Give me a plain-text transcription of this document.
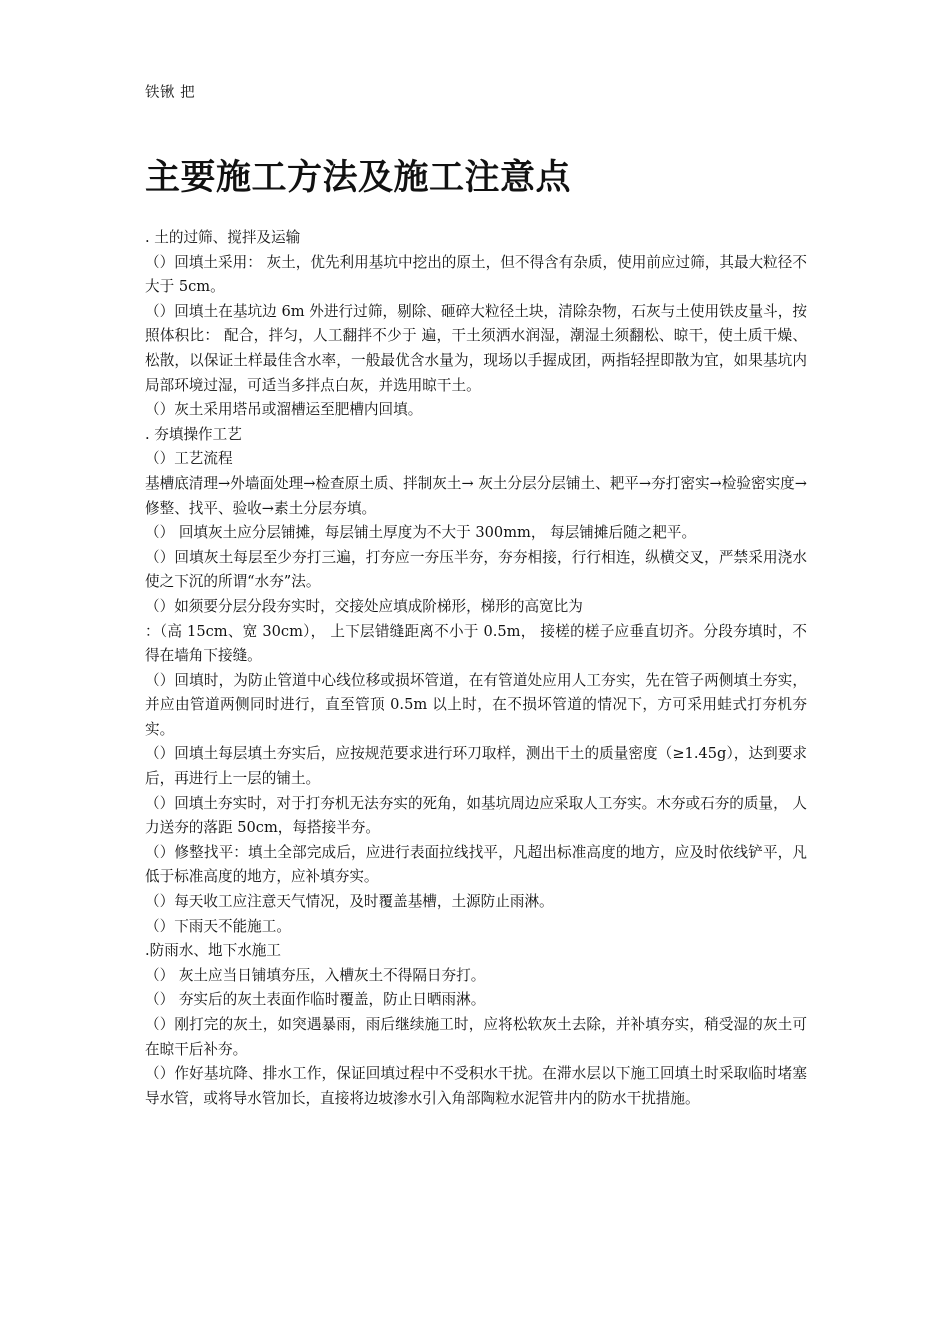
铁锹 把
主要施工方法及施工注意点

. 土的过筛、搅拌及运输

（）回填土采用： 灰土，优先利用基坑中挖出的原土，但不得含有杂质，使用前应过筛，其最大粒径不大于 5cm。

（）回填土在基坑边 6m 外进行过筛，剔除、砸碎大粒径土块，清除杂物，石灰与土使用铁皮量斗，按照体积比： 配合，拌匀，人工翻拌不少于 遍，干土须洒水润湿，潮湿土须翻松、晾干，使土质干燥、松散，以保证土样最佳含水率，一般最优含水量为，现场以手握成团，两指轻捏即散为宜，如果基坑内局部环境过湿，可适当多拌点白灰，并选用晾干土。

（）灰土采用塔吊或溜槽运至肥槽内回填。

. 夯填操作工艺

（）工艺流程

基槽底清理→外墙面处理→检查原土质、拌制灰土→ 灰土分层分层铺土、耙平→夯打密实→检验密实度→修整、找平、验收→素土分层夯填。

（） 回填灰土应分层铺摊，每层铺土厚度为不大于 300mm， 每层铺摊后随之耙平。

（）回填灰土每层至少夯打三遍，打夯应一夯压半夯，夯夯相接，行行相连，纵横交叉，严禁采用浇水使之下沉的所谓“水夯”法。

（）如须要分层分段夯实时，交接处应填成阶梯形，梯形的高宽比为

：（高 15cm、宽 30cm）， 上下层错缝距离不小于 0.5m， 接槎的槎子应垂直切齐。分段夯填时，不得在墙角下接缝。

（）回填时，为防止管道中心线位移或损坏管道，在有管道处应用人工夯实，先在管子两侧填土夯实，并应由管道两侧同时进行，直至管顶 0.5m 以上时，在不损坏管道的情况下，方可采用蛙式打夯机夯实。

（）回填土每层填土夯实后，应按规范要求进行环刀取样，测出干土的质量密度（≥1.45g），达到要求后，再进行上一层的铺土。

（）回填土夯实时，对于打夯机无法夯实的死角，如基坑周边应采取人工夯实。木夯或石夯的质量， 人力送夯的落距 50cm，每搭接半夯。

（）修整找平：填土全部完成后，应进行表面拉线找平，凡超出标准高度的地方，应及时依线铲平，凡低于标准高度的地方，应补填夯实。

（）每天收工应注意天气情况，及时覆盖基槽，土源防止雨淋。

（）下雨天不能施工。

.防雨水、地下水施工

（） 灰土应当日铺填夯压，入槽灰土不得隔日夯打。

（） 夯实后的灰土表面作临时覆盖，防止日晒雨淋。

（）刚打完的灰土，如突遇暴雨，雨后继续施工时，应将松软灰土去除，并补填夯实，稍受湿的灰土可在晾干后补夯。

（）作好基坑降、排水工作，保证回填过程中不受积水干扰。在滞水层以下施工回填土时采取临时堵塞导水管，或将导水管加长，直接将边坡渗水引入角部陶粒水泥管井内的防水干扰措施。
